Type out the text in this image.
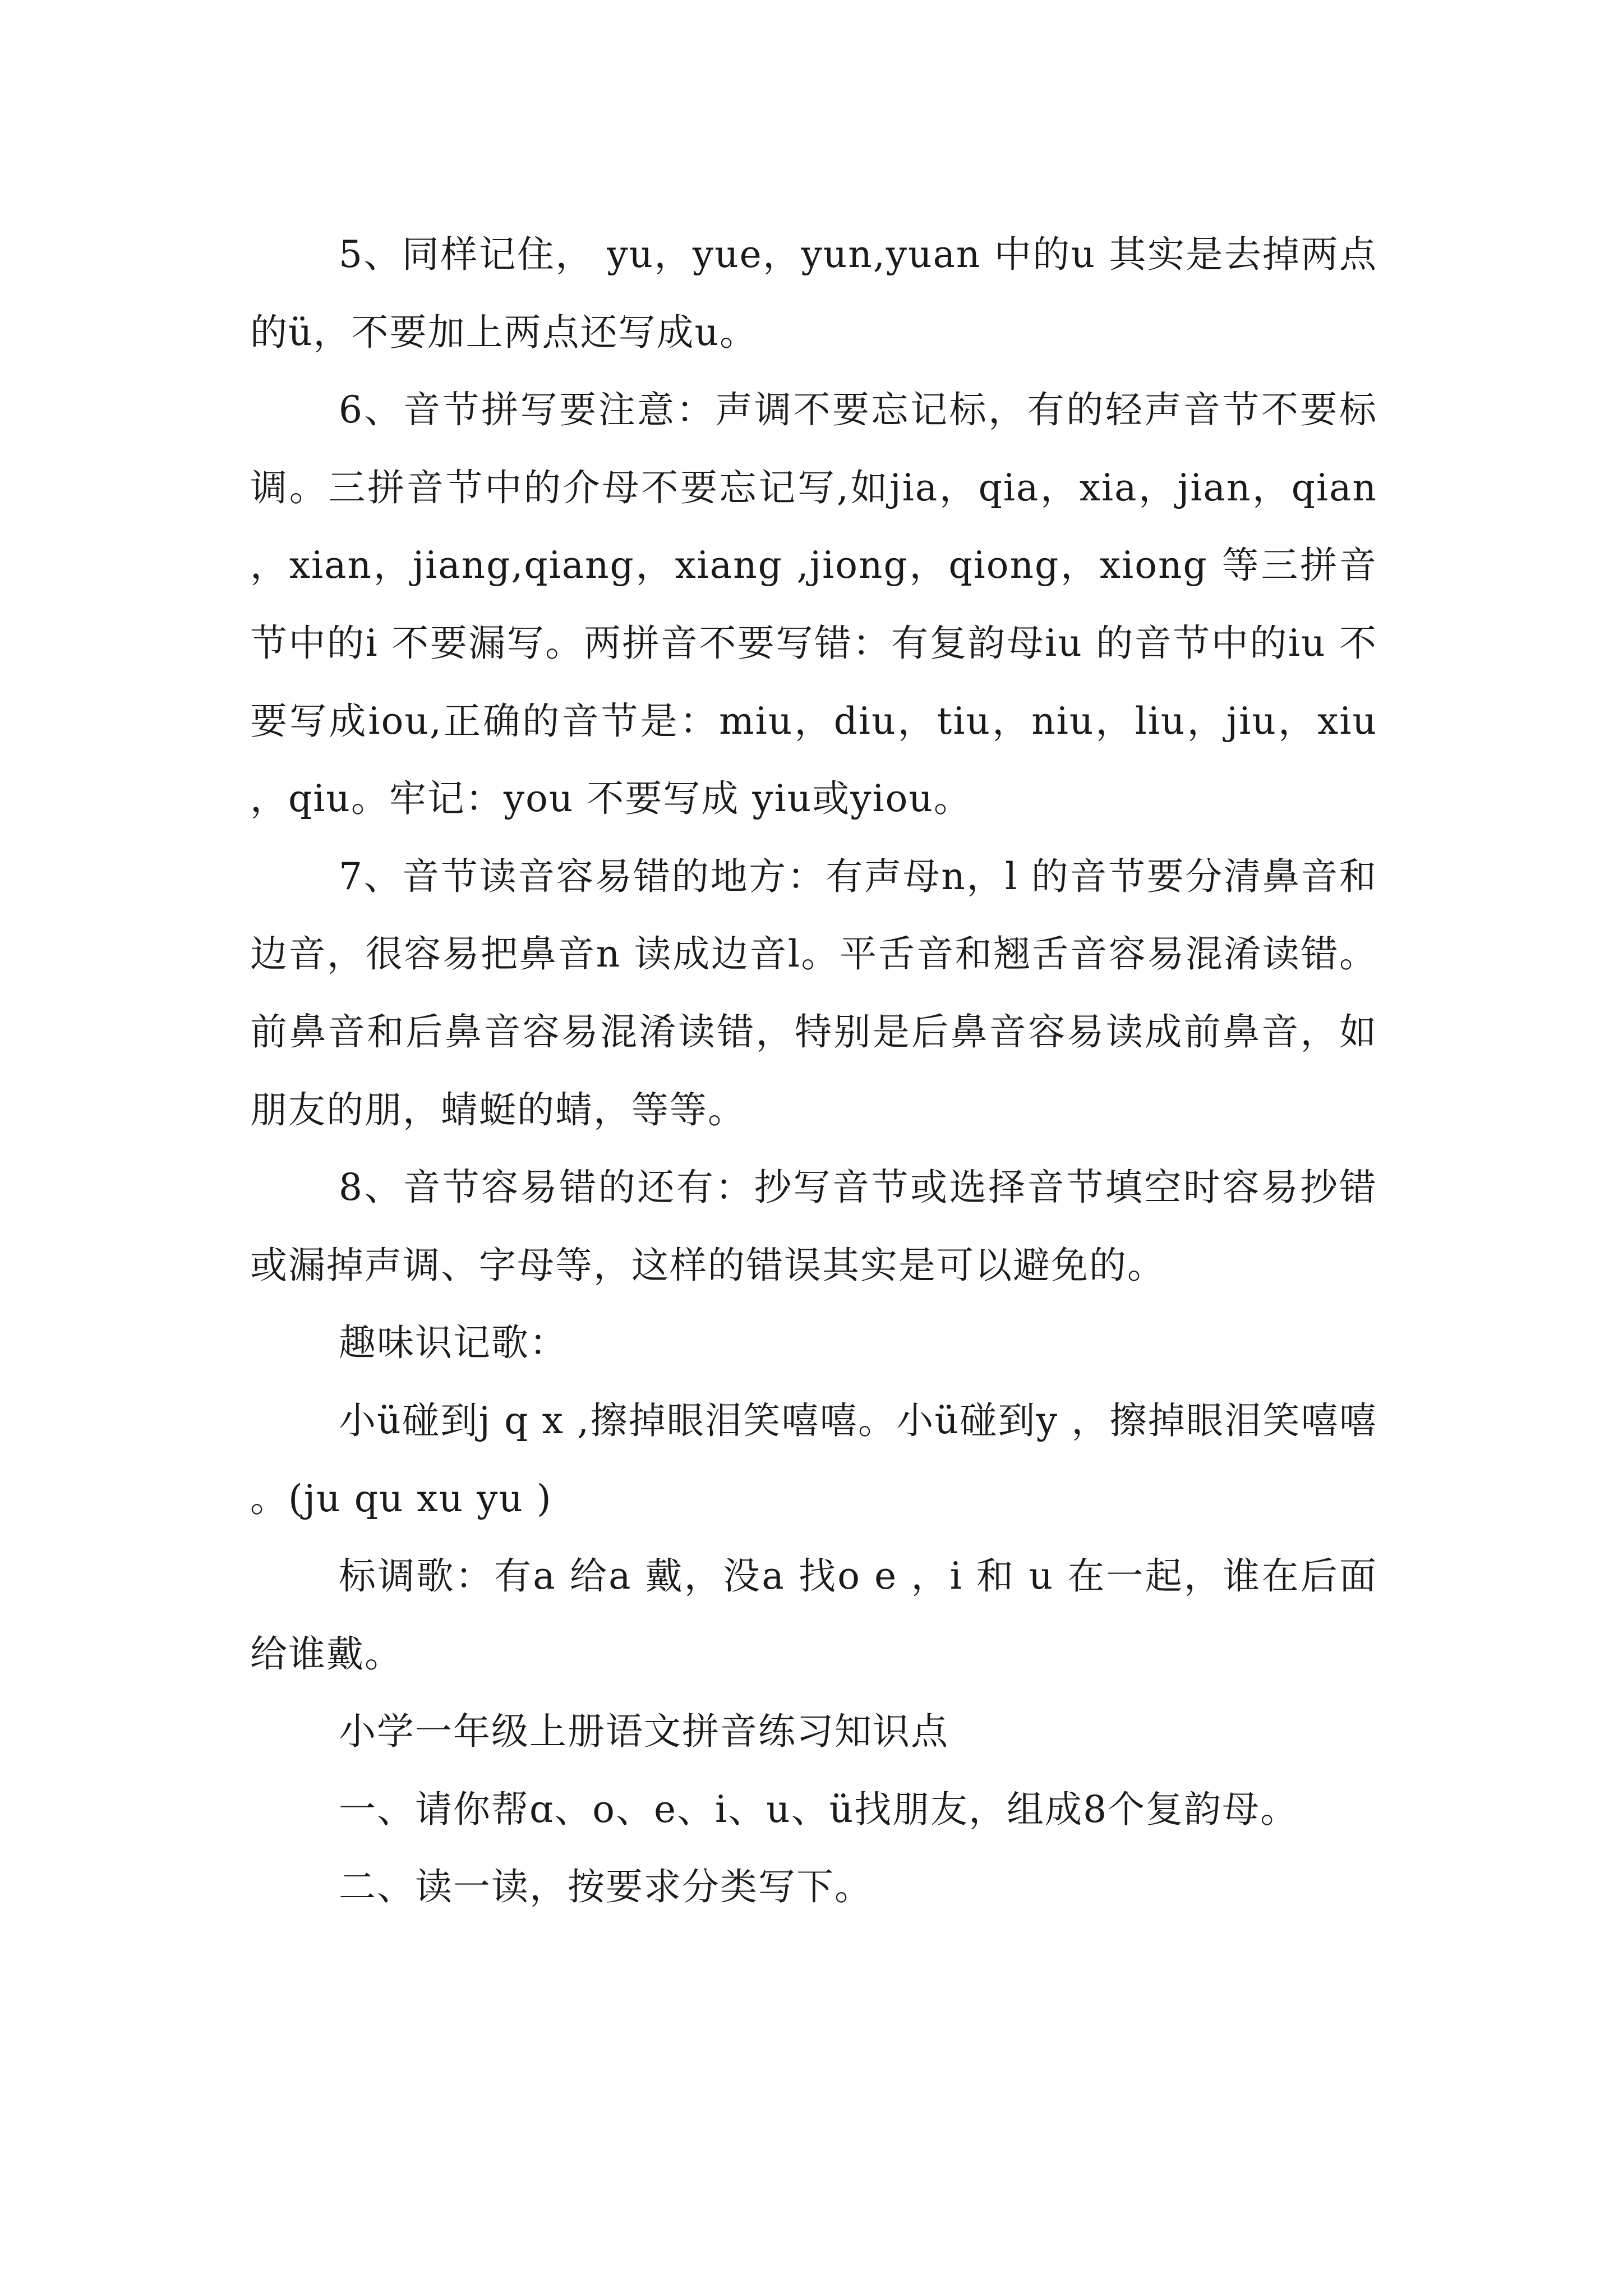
5、同样记住， yu，yue，yun,yuan 中的u 其实是去掉两点的ü，不要加上两点还写成u。

6、音节拼写要注意：声调不要忘记标，有的轻声音节不要标调。三拼音节中的介母不要忘记写,如jia，qia，xia，jian，qian，xian，jiang,qiang，xiang ,jiong，qiong，xiong 等三拼音节中的i 不要漏写。两拼音不要写错：有复韵母iu 的音节中的iu 不要写成iou,正确的音节是：miu，diu，tiu，niu，liu，jiu，xiu，qiu。牢记：you 不要写成 yiu或yiou。

7、音节读音容易错的地方：有声母n，l 的音节要分清鼻音和边音，很容易把鼻音n 读成边音l。平舌音和翘舌音容易混淆读错。前鼻音和后鼻音容易混淆读错，特别是后鼻音容易读成前鼻音，如朋友的朋，蜻蜓的蜻，等等。

8、音节容易错的还有：抄写音节或选择音节填空时容易抄错或漏掉声调、字母等，这样的错误其实是可以避免的。

趣味识记歌：

小ü碰到j q x ,擦掉眼泪笑嘻嘻。小ü碰到y ，擦掉眼泪笑嘻嘻。(ju qu xu yu )

标调歌：有a 给a 戴，没a 找o e ，i 和 u 在一起，谁在后面给谁戴。

小学一年级上册语文拼音练习知识点

一、请你帮ɑ、o、e、i、u、ü找朋友，组成8个复韵母。

二、读一读，按要求分类写下。
